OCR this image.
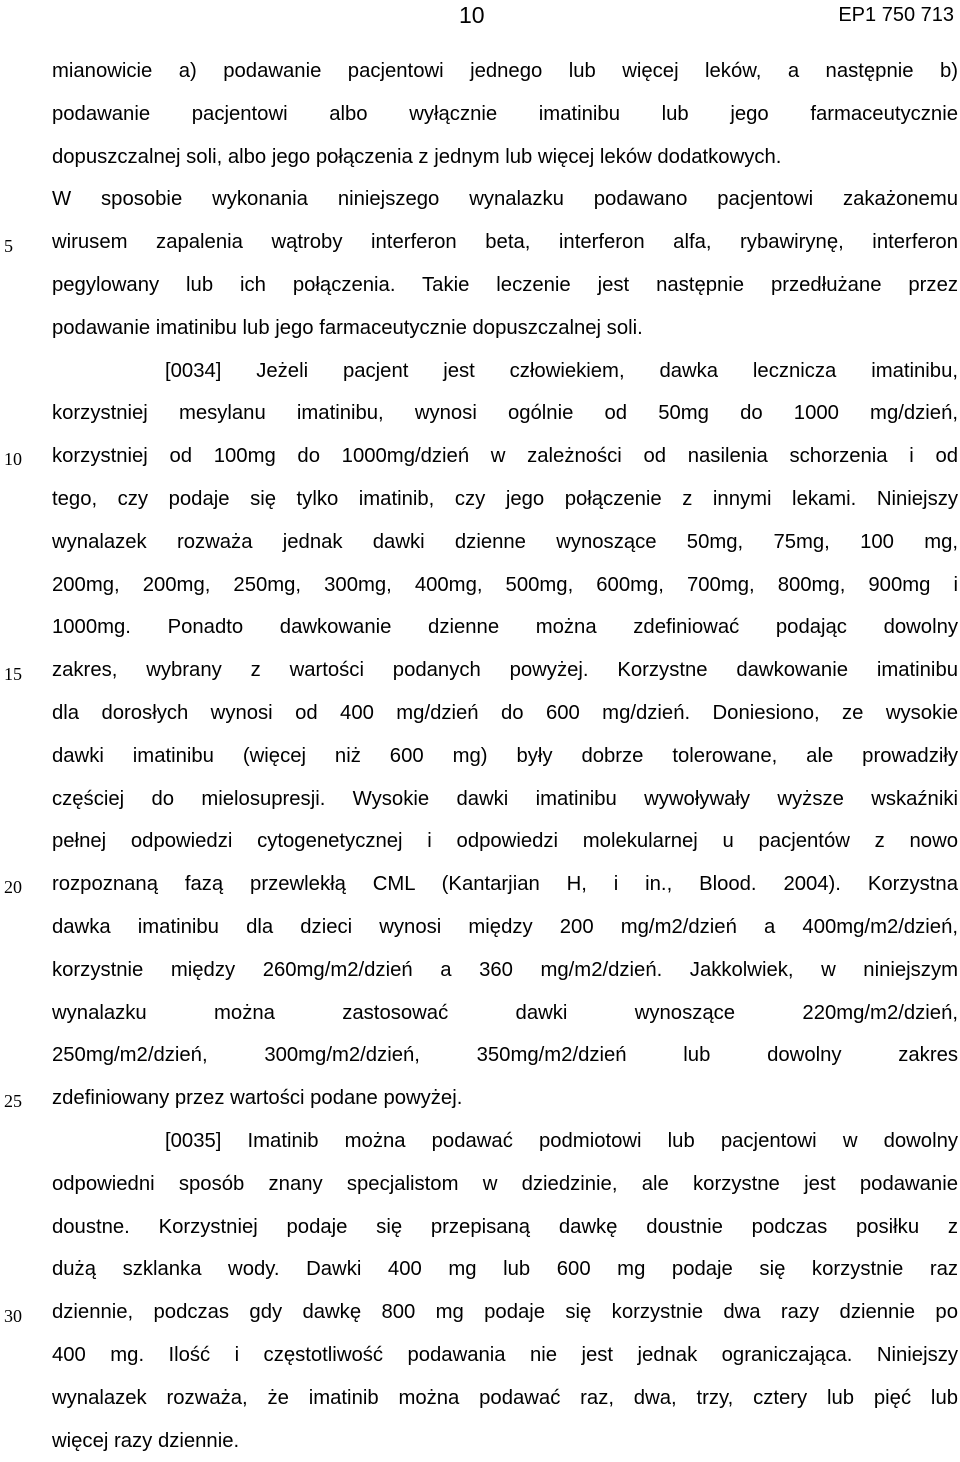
10	EP1 750 713
5
10
15
20
25
30
mianowicie a) podawanie pacjentowi jednego lub więcej leków, a następnie b)
podawanie pacjentowi albo wyłącznie imatinibu lub jego farmaceutycznie
dopuszczalnej soli, albo jego połączenia z jednym lub więcej leków dodatkowych.
W sposobie wykonania niniejszego wynalazku podawano pacjentowi zakażonemu
wirusem zapalenia wątroby interferon beta, interferon alfa, rybawirynę, interferon
pegylowany lub ich połączenia. Takie leczenie jest następnie przedłużane przez
podawanie imatinibu lub jego farmaceutycznie dopuszczalnej soli.
[0034] Jeżeli pacjent jest człowiekiem, dawka lecznicza imatinibu,
korzystniej mesylanu imatinibu, wynosi ogólnie od 50mg do 1000 mg/dzień,
korzystniej od 100mg do 1000mg/dzień w zależności od nasilenia schorzenia i od
tego, czy podaje się tylko imatinib, czy jego połączenie z innymi lekami. Niniejszy
wynalazek rozważa jednak dawki dzienne wynoszące 50mg, 75mg, 100 mg,
200mg, 200mg, 250mg, 300mg, 400mg, 500mg, 600mg, 700mg, 800mg, 900mg i
1000mg. Ponadto dawkowanie dzienne można zdefiniować podając dowolny
zakres, wybrany z wartości podanych powyżej. Korzystne dawkowanie imatinibu
dla dorosłych wynosi od 400 mg/dzień do 600 mg/dzień. Doniesiono, ze wysokie
dawki imatinibu (więcej niż 600 mg) były dobrze tolerowane, ale prowadziły
częściej do mielosupresji. Wysokie dawki imatinibu wywoływały wyższe wskaźniki
pełnej odpowiedzi cytogenetycznej i odpowiedzi molekularnej u pacjentów z nowo
rozpoznaną fazą przewlekłą CML (Kantarjian H, i in., Blood. 2004). Korzystna
dawka imatinibu dla dzieci wynosi między 200 mg/m2/dzień a 400mg/m2/dzień,
korzystnie między 260mg/m2/dzień a 360 mg/m2/dzień. Jakkolwiek, w niniejszym
wynalazku można zastosować dawki wynoszące 220mg/m2/dzień,
250mg/m2/dzień, 300mg/m2/dzień, 350mg/m2/dzień lub dowolny zakres
zdefiniowany przez wartości podane powyżej.
[0035] Imatinib można podawać podmiotowi lub pacjentowi w dowolny
odpowiedni sposób znany specjalistom w dziedzinie, ale korzystne jest podawanie
doustne. Korzystniej podaje się przepisaną dawkę doustnie podczas posiłku z
dużą szklanka wody. Dawki 400 mg lub 600 mg podaje się korzystnie raz
dziennie, podczas gdy dawkę 800 mg podaje się korzystnie dwa razy dziennie po
400 mg. Ilość i częstotliwość podawania nie jest jednak ograniczająca. Niniejszy
wynalazek rozważa, że imatinib można podawać raz, dwa, trzy, cztery lub pięć lub
więcej razy dziennie.
